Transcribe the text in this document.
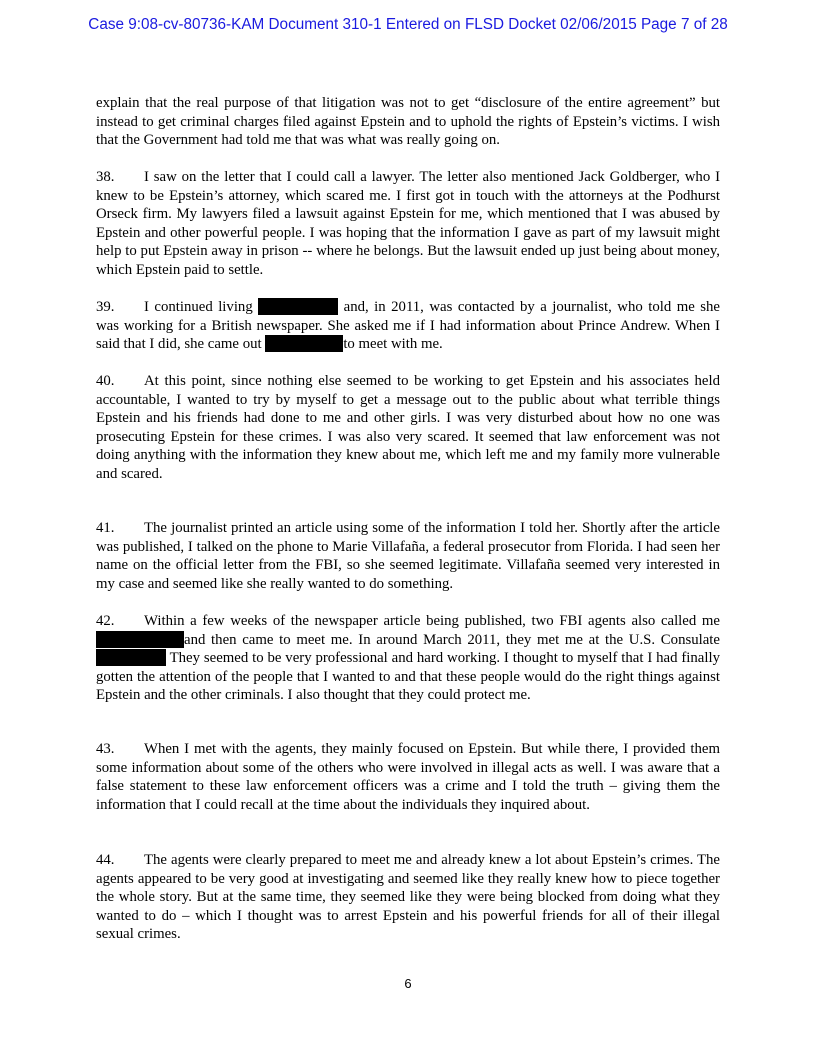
Case 9:08-cv-80736-KAM Document 310-1 Entered on FLSD Docket 02/06/2015 Page 7 of 28

explain that the real purpose of that litigation was not to get “disclosure of the entire agreement” but instead to get criminal charges filed against Epstein and to uphold the rights of Epstein’s victims. I wish that the Government had told me that was what was really going on.

38. I saw on the letter that I could call a lawyer. The letter also mentioned Jack Goldberger, who I knew to be Epstein’s attorney, which scared me. I first got in touch with the attorneys at the Podhurst Orseck firm. My lawyers filed a lawsuit against Epstein for me, which mentioned that I was abused by Epstein and other powerful people. I was hoping that the information I gave as part of my lawsuit might help to put Epstein away in prison -- where he belongs. But the lawsuit ended up just being about money, which Epstein paid to settle.

39. I continued living	and, in 2011, was contacted by a journalist, who told me she was working for a British newspaper. She asked me if I had information about Prince Andrew. When I said that I did, she came out	to meet with me.

40. At this point, since nothing else seemed to be working to get Epstein and his associates held accountable, I wanted to try by myself to get a message out to the public about what terrible things Epstein and his friends had done to me and other girls. I was very disturbed about how no one was prosecuting Epstein for these crimes. I was also very scared. It seemed that law enforcement was not doing anything with the information they knew about me, which left me and my family more vulnerable and scared.

41. The journalist printed an article using some of the information I told her. Shortly after the article was published, I talked on the phone to Marie Villafaña, a federal prosecutor from Florida. I had seen her name on the official letter from the FBI, so she seemed legitimate. Villafaña seemed very interested in my case and seemed like she really wanted to do something.

42. Within a few weeks of the newspaper article being published, two FBI agents also called meand then came to meet me. In around March 2011, they met me at the U.S. Consulate They seemed to be very professional and hard working. I thought to myself that I had finally gotten the attention of the people that I wanted to and that these people would do the right things against Epstein and the other criminals. I also thought that they could protect me.

43. When I met with the agents, they mainly focused on Epstein. But while there, I provided them some information about some of the others who were involved in illegal acts as well. I was aware that a false statement to these law enforcement officers was a crime and I told the truth – giving them the information that I could recall at the time about the individuals they inquired about.

44. The agents were clearly prepared to meet me and already knew a lot about Epstein’s crimes. The agents appeared to be very good at investigating and seemed like they really knew how to piece together the whole story. But at the same time, they seemed like they were being blocked from doing what they wanted to do – which I thought was to arrest Epstein and his powerful friends for all of their illegal sexual crimes.

6
